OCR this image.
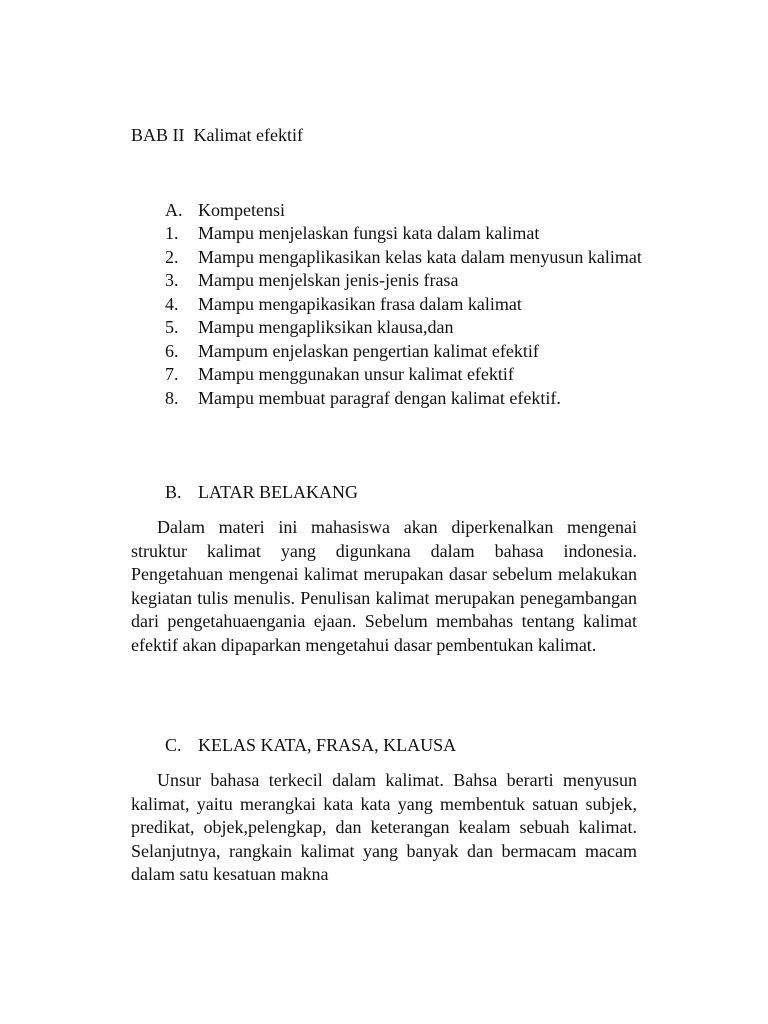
BAB II  Kalimat efektif
A. Kompetensi
1.	Mampu menjelaskan fungsi kata dalam kalimat
2.	Mampu mengaplikasikan kelas kata dalam menyusun kalimat
3.	Mampu menjelskan jenis-jenis frasa
4.	Mampu mengapikasikan frasa dalam kalimat
5.	Mampu mengapliksikan klausa,dan
6.	Mampum enjelaskan pengertian kalimat efektif
7.	Mampu menggunakan unsur kalimat efektif
8.	Mampu membuat paragraf dengan kalimat efektif.
B. LATAR BELAKANG

Dalam materi ini mahasiswa akan diperkenalkan mengenai struktur kalimat yang digunkana dalam bahasa indonesia. Pengetahuan mengenai kalimat merupakan dasar sebelum melakukan kegiatan tulis menulis. Penulisan kalimat merupakan penegambangan dari pengetahuaengania ejaan. Sebelum membahas tentang kalimat efektif akan dipaparkan mengetahui dasar pembentukan kalimat.

C. KELAS KATA, FRASA, KLAUSA

Unsur bahasa terkecil dalam kalimat. Bahsa berarti menyusun kalimat, yaitu merangkai kata kata yang membentuk satuan subjek, predikat, objek,pelengkap, dan keterangan kealam sebuah kalimat. Selanjutnya, rangkain kalimat yang banyak dan bermacam macam dalam satu kesatuan makna
